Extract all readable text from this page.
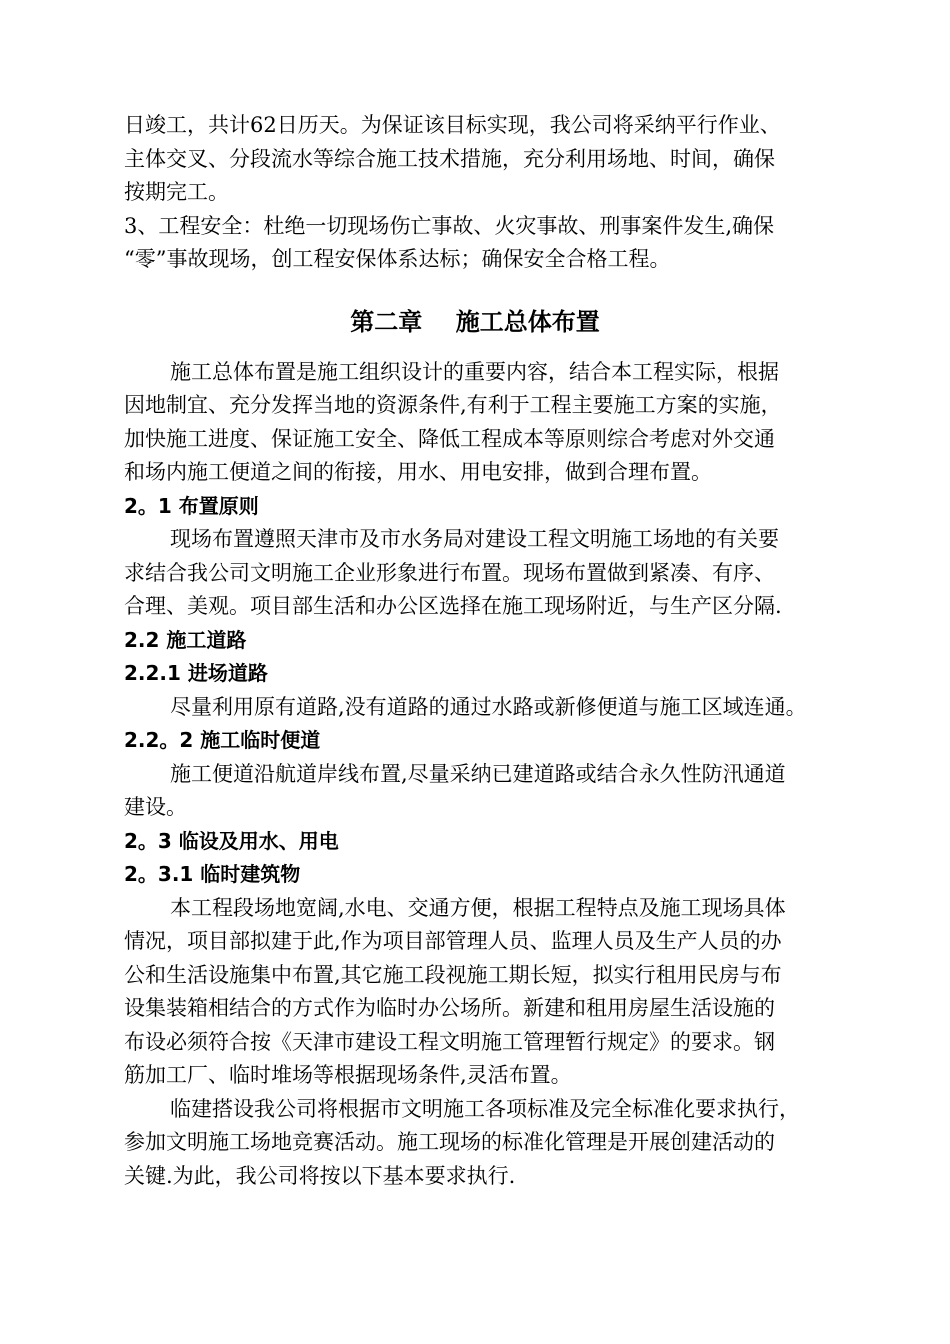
日竣工，共计62日历天。为保证该目标实现，我公司将采纳平行作业、
主体交叉、分段流水等综合施工技术措施，充分利用场地、时间，确保
按期完工。
3、工程安全：杜绝一切现场伤亡事故、火灾事故、刑事案件发生,确保
“零”事故现场，创工程安保体系达标；确保安全合格工程。
第二章    施工总体布置
施工总体布置是施工组织设计的重要内容，结合本工程实际，根据
因地制宜、充分发挥当地的资源条件,有利于工程主要施工方案的实施，
加快施工进度、保证施工安全、降低工程成本等原则综合考虑对外交通
和场内施工便道之间的衔接，用水、用电安排，做到合理布置。
2。1 布置原则
现场布置遵照天津市及市水务局对建设工程文明施工场地的有关要
求结合我公司文明施工企业形象进行布置。现场布置做到紧凑、有序、
合理、美观。项目部生活和办公区选择在施工现场附近，与生产区分隔.
2.2 施工道路
2.2.1 进场道路
尽量利用原有道路,没有道路的通过水路或新修便道与施工区域连通。
2.2。2 施工临时便道
施工便道沿航道岸线布置,尽量采纳已建道路或结合永久性防汛通道
建设。
2。3 临设及用水、用电
2。3.1 临时建筑物
本工程段场地宽阔,水电、交通方便，根据工程特点及施工现场具体
情况，项目部拟建于此,作为项目部管理人员、监理人员及生产人员的办
公和生活设施集中布置,其它施工段视施工期长短，拟实行租用民房与布
设集装箱相结合的方式作为临时办公场所。新建和租用房屋生活设施的
布设必须符合按《天津市建设工程文明施工管理暂行规定》的要求。钢
筋加工厂、临时堆场等根据现场条件,灵活布置。
临建搭设我公司将根据市文明施工各项标准及完全标准化要求执行，
参加文明施工场地竞赛活动。施工现场的标准化管理是开展创建活动的
关键.为此，我公司将按以下基本要求执行.
